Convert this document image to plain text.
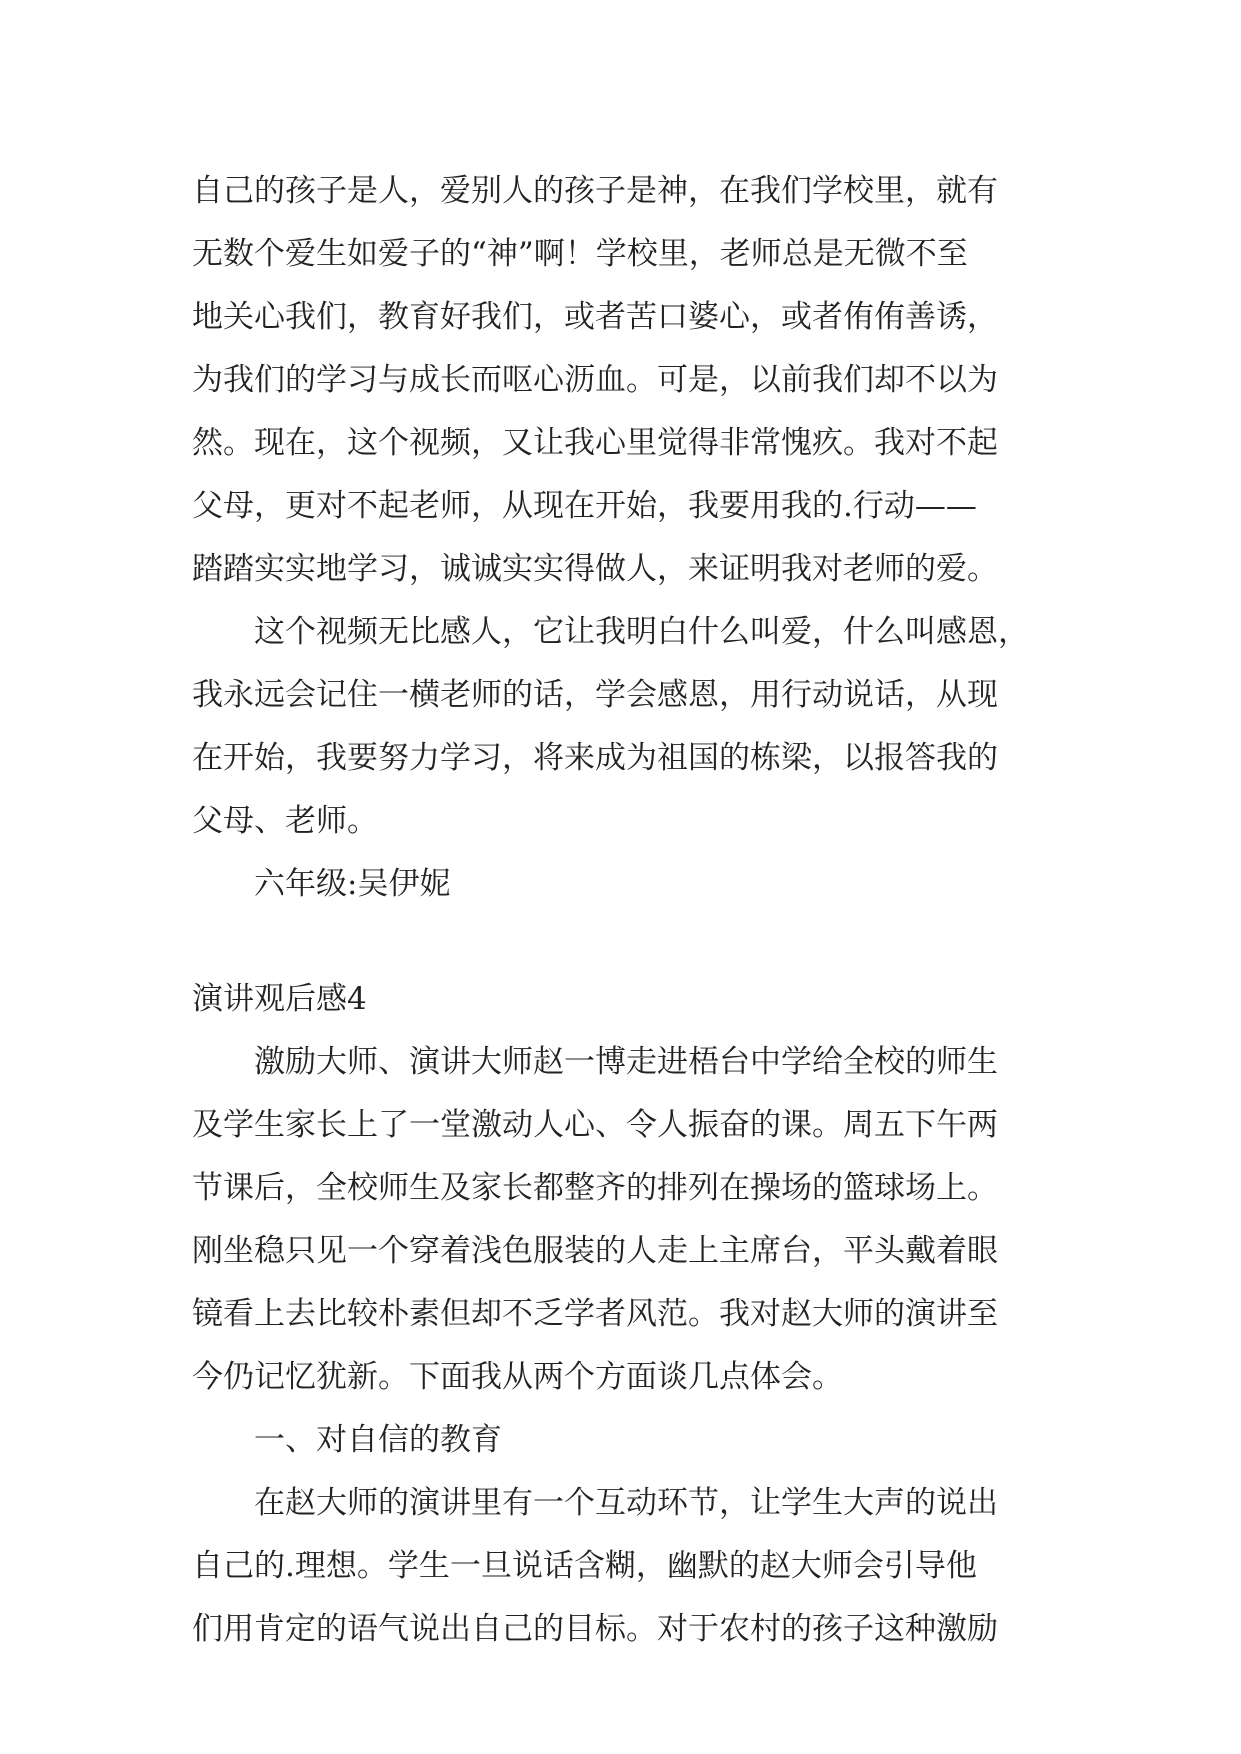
自己的孩子是人，爱别人的孩子是神，在我们学校里，就有
无数个爱生如爱子的“神”啊！学校里，老师总是无微不至
地关心我们，教育好我们，或者苦口婆心，或者侑侑善诱，
为我们的学习与成长而呕心沥血。可是，以前我们却不以为
然。现在，这个视频，又让我心里觉得非常愧疚。我对不起
父母，更对不起老师，从现在开始，我要用我的.行动——
踏踏实实地学习，诚诚实实得做人，来证明我对老师的爱。
这个视频无比感人，它让我明白什么叫爱，什么叫感恩，
我永远会记住一横老师的话，学会感恩，用行动说话，从现
在开始，我要努力学习，将来成为祖国的栋梁，以报答我的
父母、老师。
六年级:吴伊妮
演讲观后感4
激励大师、演讲大师赵一博走进梧台中学给全校的师生
及学生家长上了一堂激动人心、令人振奋的课。周五下午两
节课后，全校师生及家长都整齐的排列在操场的篮球场上。
刚坐稳只见一个穿着浅色服装的人走上主席台，平头戴着眼
镜看上去比较朴素但却不乏学者风范。我对赵大师的演讲至
今仍记忆犹新。下面我从两个方面谈几点体会。
一、对自信的教育
在赵大师的演讲里有一个互动环节，让学生大声的说出
自己的.理想。学生一旦说话含糊，幽默的赵大师会引导他
们用肯定的语气说出自己的目标。对于农村的孩子这种激励
